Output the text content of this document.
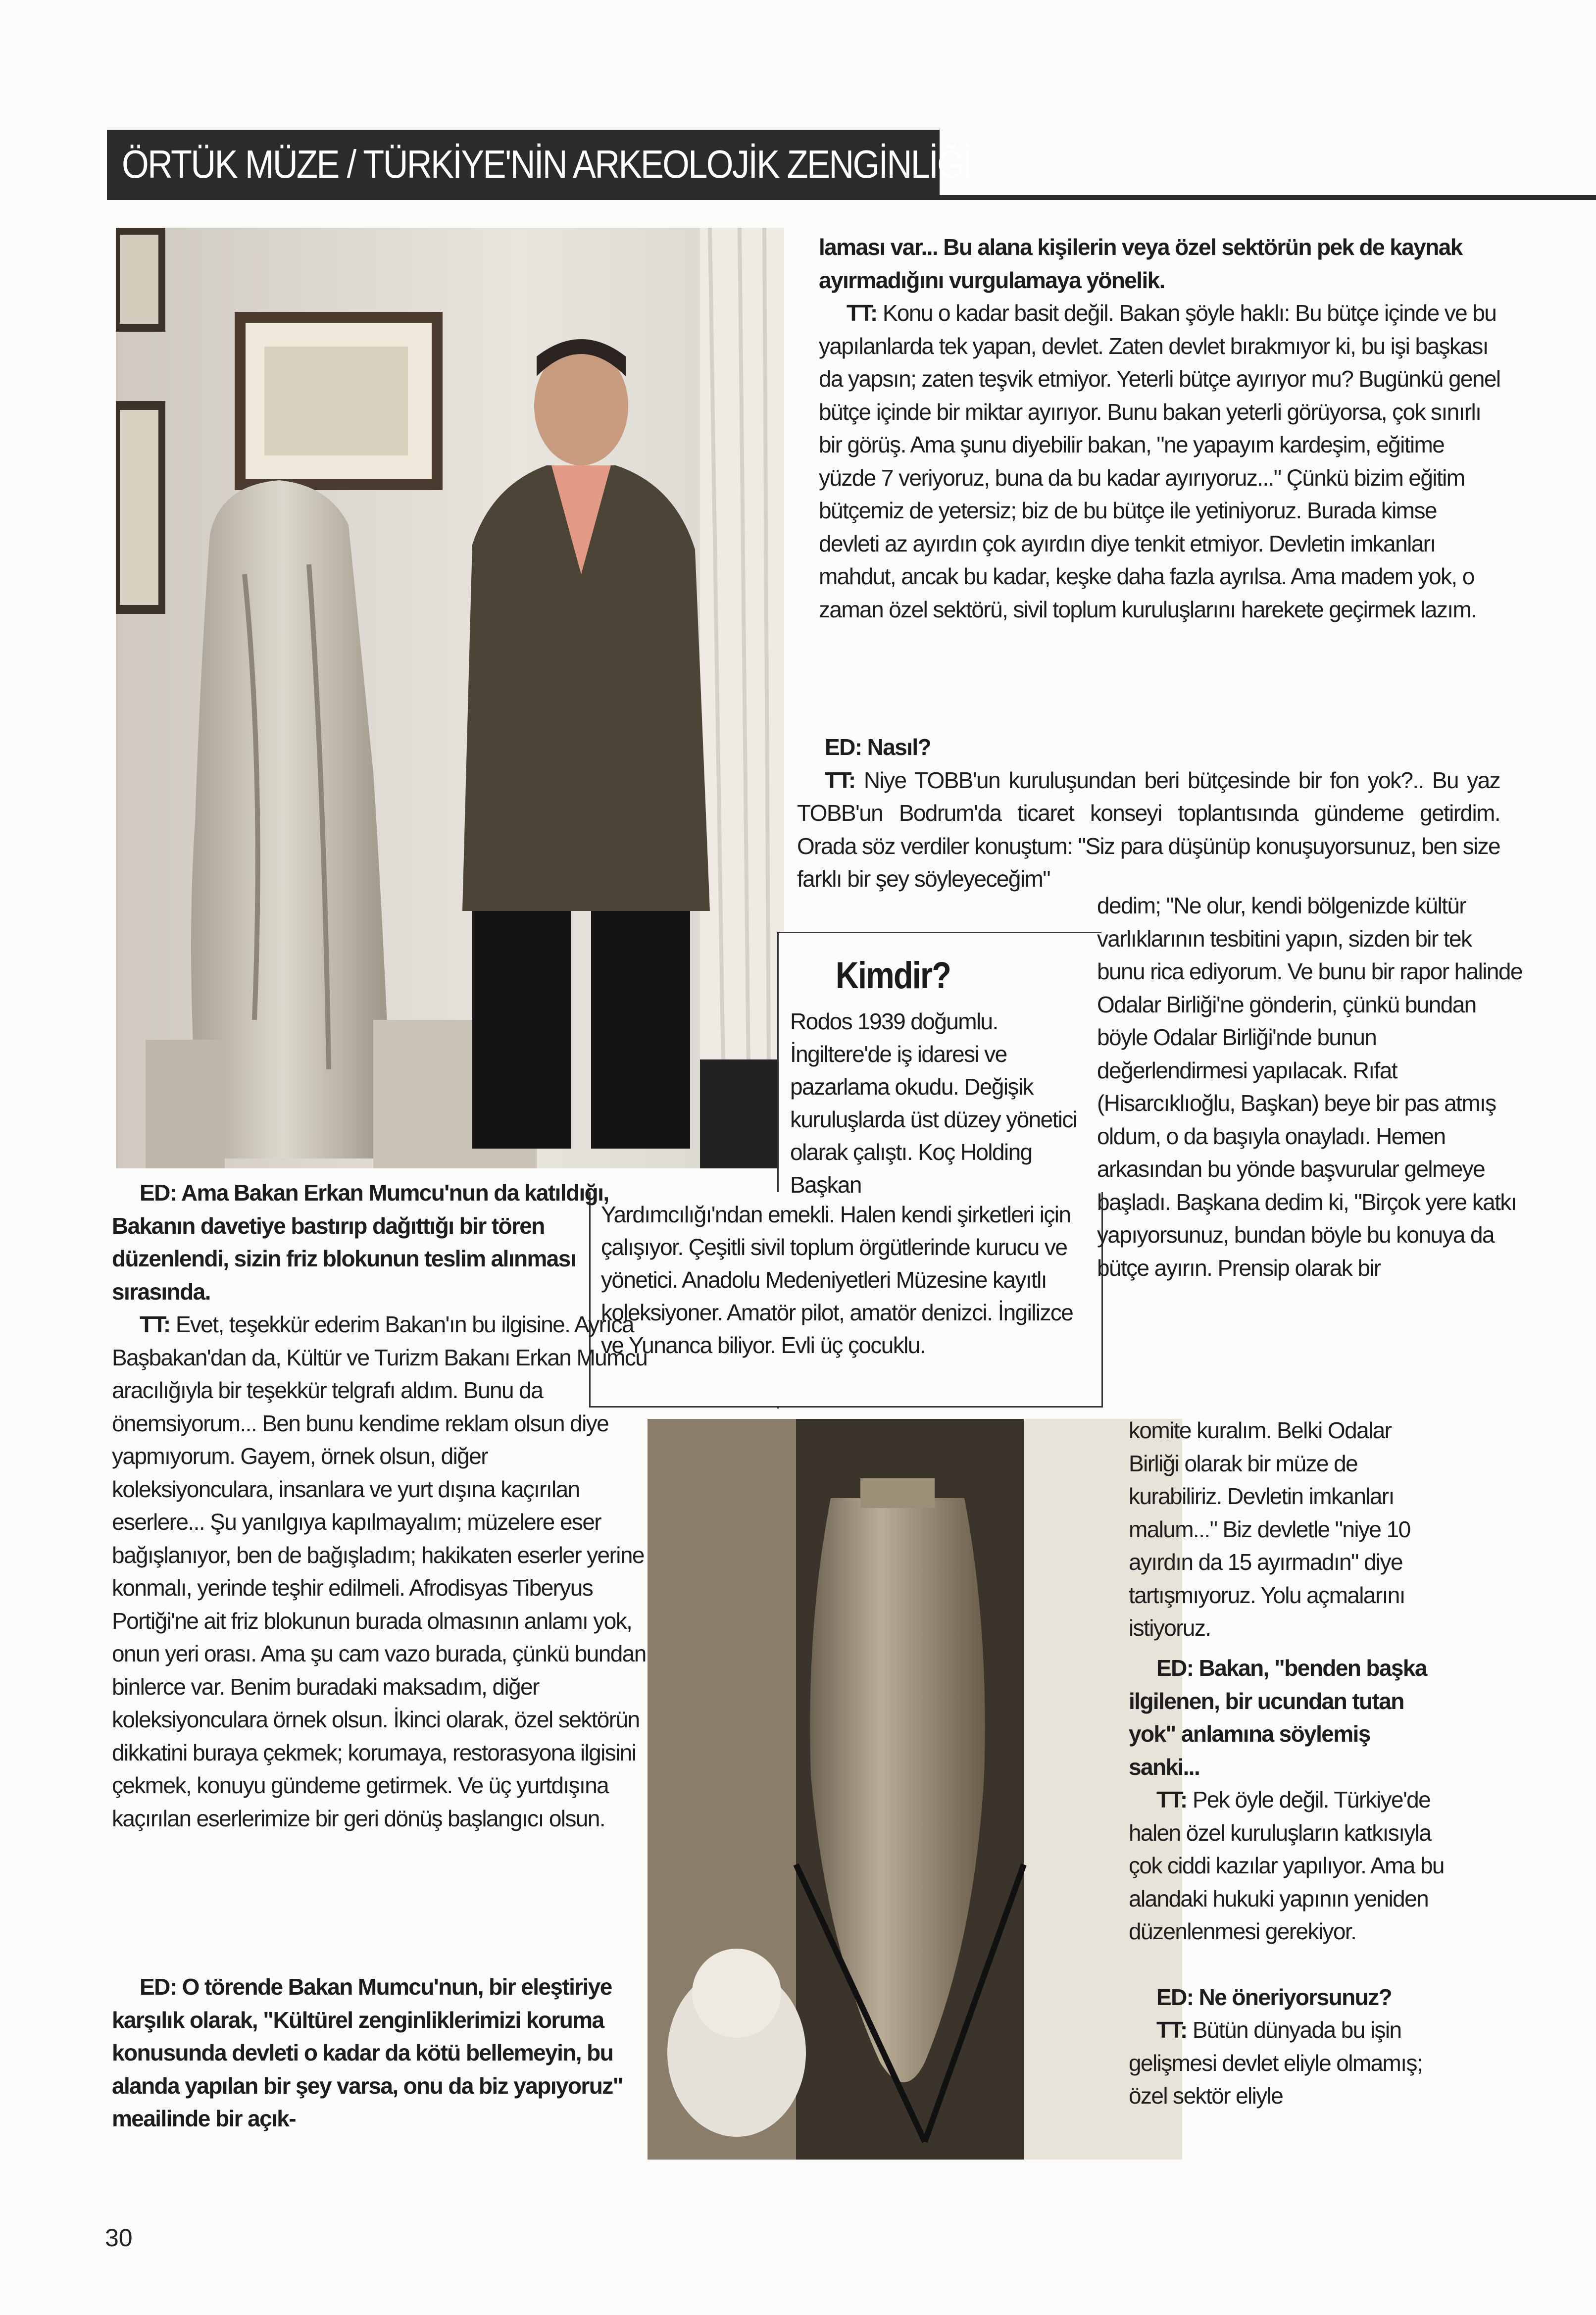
ÖRTÜK MÜZE / TÜRKİYE'NİN ARKEOLOJİK ZENGİNLİĞİ

laması var... Bu alana kişilerin veya özel sektörün pek de kaynak ayırmadığını vurgulamaya yönelik.

TT: Konu o kadar basit değil. Bakan şöyle haklı: Bu bütçe içinde ve bu yapılanlarda tek yapan, devlet. Zaten devlet bırakmıyor ki, bu işi başkası da yapsın; zaten teşvik etmiyor. Yeterli bütçe ayırıyor mu? Bugünkü genel bütçe içinde bir miktar ayırıyor. Bunu bakan yeterli görüyorsa, çok sınırlı bir görüş. Ama şunu diyebilir bakan, "ne yapayım kardeşim, eğitime yüzde 7 veriyoruz, buna da bu kadar ayırıyoruz..." Çünkü bizim eğitim bütçemiz de yetersiz; biz de bu bütçe ile yetiniyoruz. Burada kimse devleti az ayırdın çok ayırdın diye tenkit etmiyor. Devletin imkanları mahdut, ancak bu kadar, keşke daha fazla ayrılsa. Ama madem yok, o zaman özel sektörü, sivil toplum kuruluşlarını harekete geçirmek lazım.

ED: Nasıl?

TT: Niye TOBB'un kuruluşundan beri bütçesinde bir fon yok?.. Bu yaz TOBB'un Bodrum'da ticaret konseyi toplantısında gündeme getirdim. Orada söz verdiler konuştum: "Siz para düşünüp konuşuyorsunuz, ben size farklı bir şey söyleyeceğim"

Kimdir?
Rodos 1939 doğumlu. İngiltere'de iş idaresi ve pazarlama okudu. Değişik kuruluşlarda üst düzey yönetici olarak çalıştı. Koç Holding Başkan
Yardımcılığı'ndan emekli. Halen kendi şirketleri için çalışıyor. Çeşitli sivil toplum örgütlerinde kurucu ve yönetici. Anadolu Medeniyetleri Müzesine kayıtlı koleksiyoner. Amatör pilot, amatör denizci. İngilizce ve Yunanca biliyor. Evli üç çocuklu.

dedim; "Ne olur, kendi bölgenizde kültür varlıklarının tesbitini yapın, sizden bir tek bunu rica ediyorum. Ve bunu bir rapor halinde Odalar Birliği'ne gönderin, çünkü bundan böyle Odalar Birliği'nde bunun değerlendirmesi yapılacak. Rıfat (Hisarcıklıoğlu, Başkan) beye bir pas atmış oldum, o da başıyla onayladı. Hemen arkasından bu yönde başvurular gelmeye başladı. Başkana dedim ki, "Birçok yere katkı yapıyorsunuz, bundan böyle bu konuya da bütçe ayırın. Prensip olarak bir

komite kuralım. Belki Odalar Birliği olarak bir müze de kurabiliriz. Devletin imkanları malum..." Biz devletle "niye 10 ayırdın da 15 ayırmadın" diye tartışmıyoruz. Yolu açmalarını istiyoruz.

ED: Bakan, "benden başka ilgilenen, bir ucundan tutan yok" anlamına söylemiş sanki...

TT: Pek öyle değil. Türkiye'de halen özel kuruluşların katkısıyla çok ciddi kazılar yapılıyor. Ama bu alandaki hukuki yapının yeniden düzenlenmesi gerekiyor.

ED: Ne öneriyorsunuz?

TT: Bütün dünyada bu işin gelişmesi devlet eliyle olmamış; özel sektör eliyle

ED: Ama Bakan Erkan Mumcu'nun da katıldığı, Bakanın davetiye bastırıp dağıttığı bir tören düzenlendi, sizin friz blokunun teslim alınması sırasında.

TT: Evet, teşekkür ederim Bakan'ın bu ilgisine. Ayrıca Başbakan'dan da, Kültür ve Turizm Bakanı Erkan Mumcu aracılığıyla bir teşekkür telgrafı aldım. Bunu da önemsiyorum... Ben bunu kendime reklam olsun diye yapmıyorum. Gayem, örnek olsun, diğer koleksiyonculara, insanlara ve yurt dışına kaçırılan eserlere... Şu yanılgıya kapılmayalım; müzelere eser bağışlanıyor, ben de bağışladım; hakikaten eserler yerine konmalı, yerinde teşhir edilmeli. Afrodisyas Tiberyus Portiği'ne ait friz blokunun burada olmasının anlamı yok, onun yeri orası. Ama şu cam vazo burada, çünkü bundan binlerce var. Benim buradaki maksadım, diğer koleksiyonculara örnek olsun. İkinci olarak, özel sektörün dikkatini buraya çekmek; korumaya, restorasyona ilgisini çekmek, konuyu gündeme getirmek. Ve üç yurtdışına kaçırılan eserlerimize bir geri dönüş başlangıcı olsun.

ED: O törende Bakan Mumcu'nun, bir eleştiriye karşılık olarak, "Kültürel zenginliklerimizi koruma konusunda devleti o kadar da kötü bellemeyin, bu alanda yapılan bir şey varsa, onu da biz yapıyoruz" meailinde bir açık-

30
